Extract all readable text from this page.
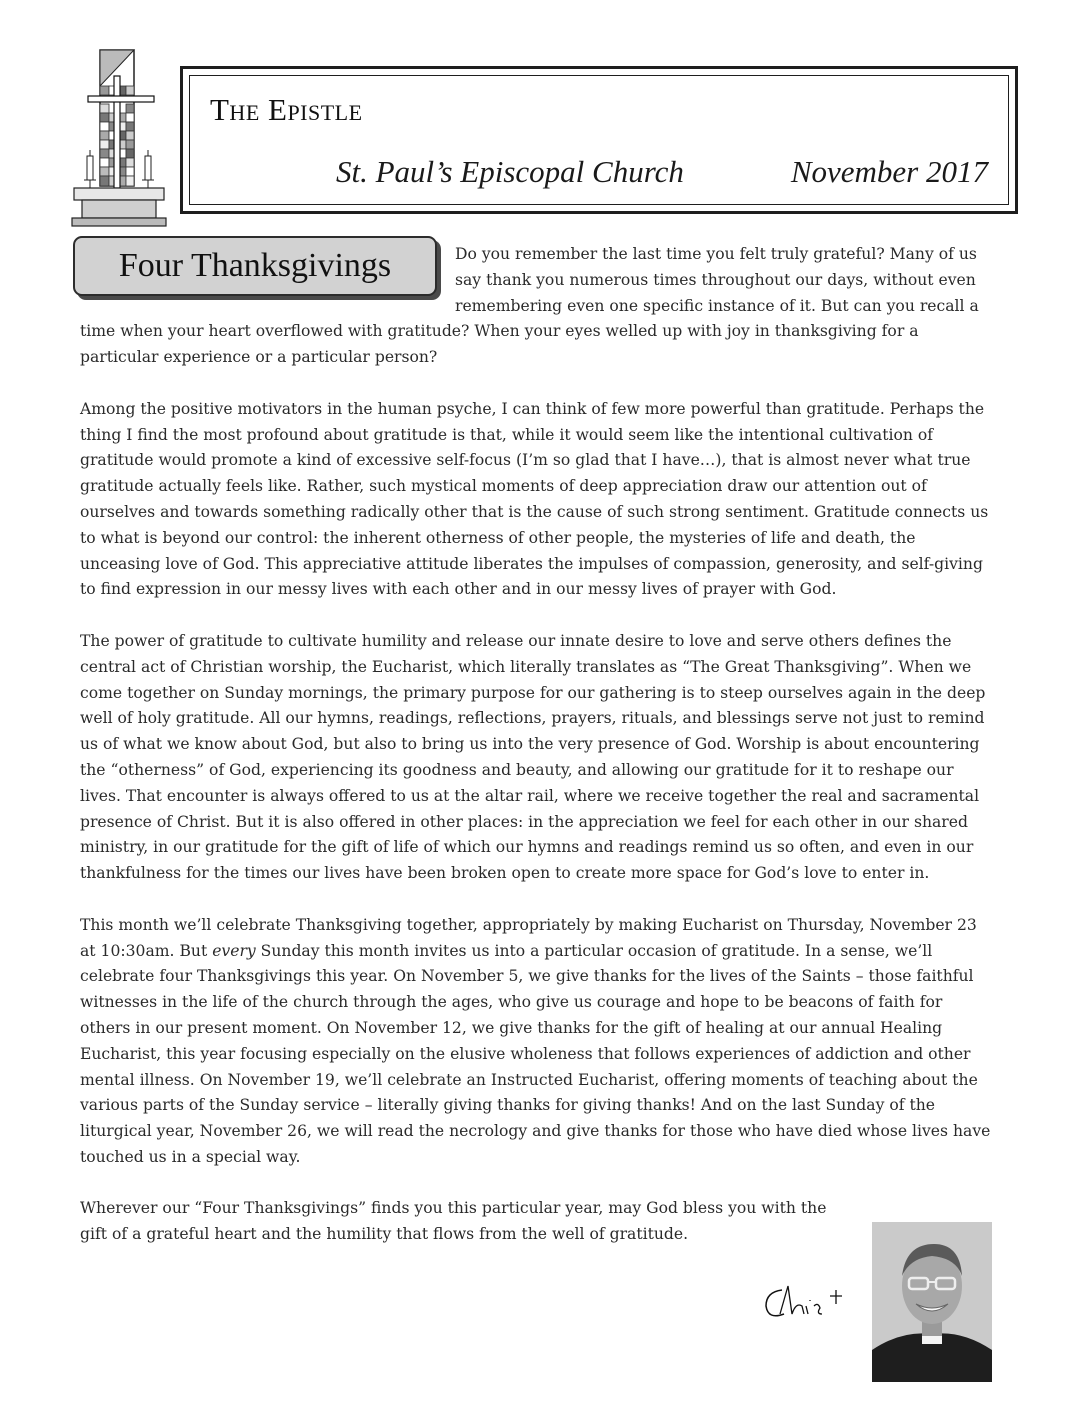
The Epistle
St. Paul’s Episcopal Church	November 2017
Four Thanksgivings	Do you remember the last time you felt truly grateful? Many of us say thank you numerous times throughout our days, without even remembering even one specific instance of it. But can you recall a time when your heart overflowed with gratitude? When your eyes welled up with joy in thanksgiving for a particular experience or a particular person?

Among the positive motivators in the human psyche, I can think of few more powerful than gratitude. Perhaps the thing I find the most profound about gratitude is that, while it would seem like the intentional cultivation of gratitude would promote a kind of excessive self-focus (I’m so glad that I have…), that is almost never what true gratitude actually feels like. Rather, such mystical moments of deep appreciation draw our attention out of ourselves and towards something radically other that is the cause of such strong sentiment. Gratitude connects us to what is beyond our control: the inherent otherness of other people, the mysteries of life and death, the unceasing love of God. This appreciative attitude liberates the impulses of compassion, generosity, and self-giving to find expression in our messy lives with each other and in our messy lives of prayer with God.

The power of gratitude to cultivate humility and release our innate desire to love and serve others defines the central act of Christian worship, the Eucharist, which literally translates as “The Great Thanksgiving”. When we come together on Sunday mornings, the primary purpose for our gathering is to steep ourselves again in the deep well of holy gratitude. All our hymns, readings, reflections, prayers, rituals, and blessings serve not just to remind us of what we know about God, but also to bring us into the very presence of God. Worship is about encountering the “otherness” of God, experiencing its goodness and beauty, and allowing our gratitude for it to reshape our lives. That encounter is always offered to us at the altar rail, where we receive together the real and sacramental presence of Christ. But it is also offered in other places: in the appreciation we feel for each other in our shared ministry, in our gratitude for the gift of life of which our hymns and readings remind us so often, and even in our thankfulness for the times our lives have been broken open to create more space for God’s love to enter in.

This month we’ll celebrate Thanksgiving together, appropriately by making Eucharist on Thursday, November 23 at 10:30am. But every Sunday this month invites us into a particular occasion of gratitude. In a sense, we’ll celebrate four Thanksgivings this year. On November 5, we give thanks for the lives of the Saints – those faithful witnesses in the life of the church through the ages, who give us courage and hope to be beacons of faith for others in our present moment. On November 12, we give thanks for the gift of healing at our annual Healing Eucharist, this year focusing especially on the elusive wholeness that follows experiences of addiction and other mental illness. On November 19, we’ll celebrate an Instructed Eucharist, offering moments of teaching about the various parts of the Sunday service – literally giving thanks for giving thanks! And on the last Sunday of the liturgical year, November 26, we will read the necrology and give thanks for those who have died whose lives have touched us in a special way.

Wherever our “Four Thanksgivings” finds you this particular year, may God bless you with the gift of a grateful heart and the humility that flows from the well of gratitude.
